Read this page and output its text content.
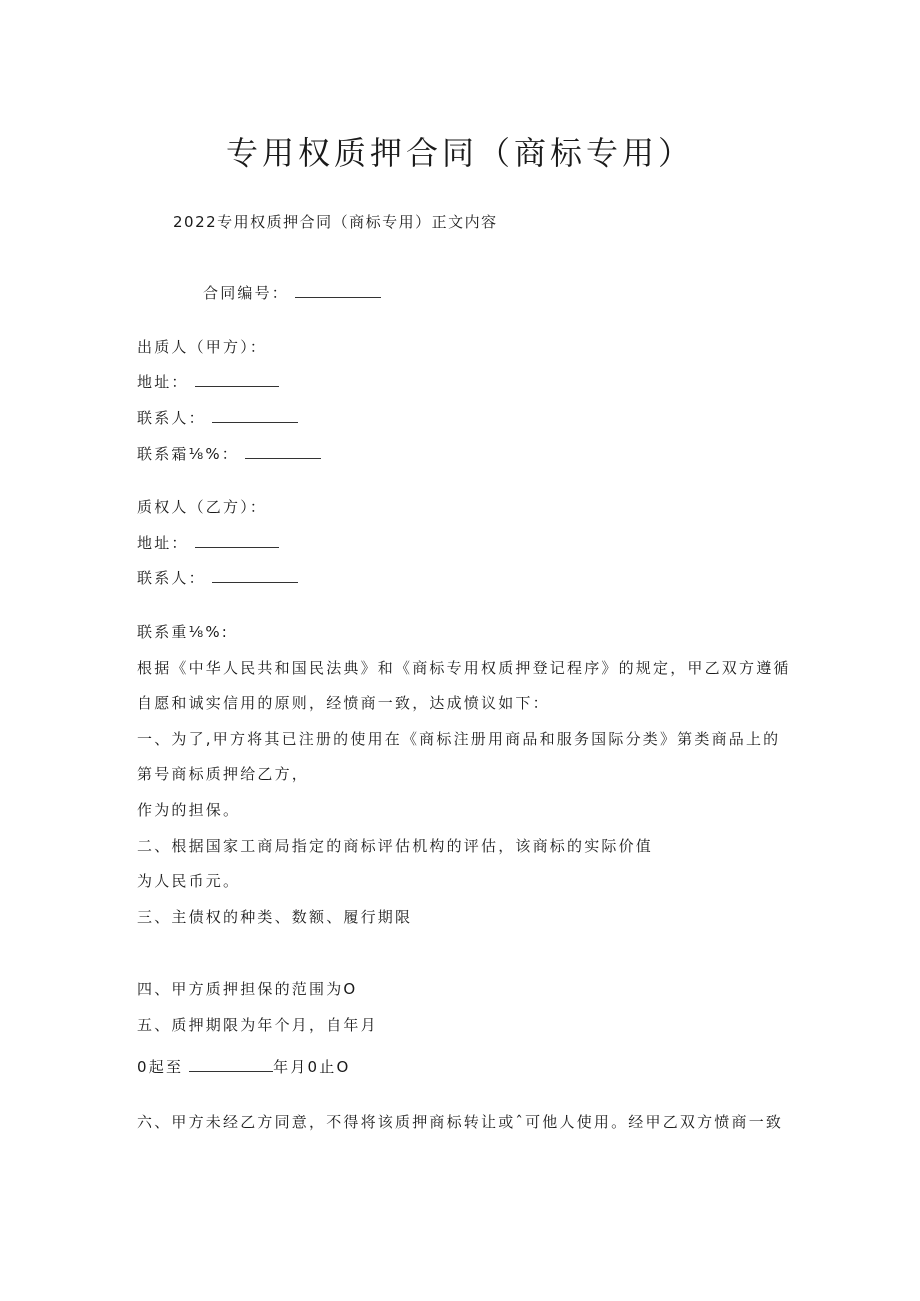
专用权质押合同（商标专用）
2022专用权质押合同（商标专用）正文内容
合同编号：
出质人（甲方）：
地址：
联系人：
联系霜⅛%：
质权人（乙方）：
地址：
联系人：
联系重⅛%:
根据《中华人民共和国民法典》和《商标专用权质押登记程序》的规定，甲乙双方遵循
自愿和诚实信用的原则，经愤商一致，达成愤议如下：
一、为了,甲方将其已注册的使用在《商标注册用商品和服务国际分类》第类商品上的
第号商标质押给乙方，
作为的担保。
二、根据国家工商局指定的商标评估机构的评估，该商标的实际价值
为人民币元。
三、主债权的种类、数额、履行期限
四、甲方质押担保的范围为O
五、质押期限为年个月，自年月
0起至	年月0止O
六、甲方未经乙方同意，不得将该质押商标转让或ˆ可他人使用。经甲乙双方愤商一致
